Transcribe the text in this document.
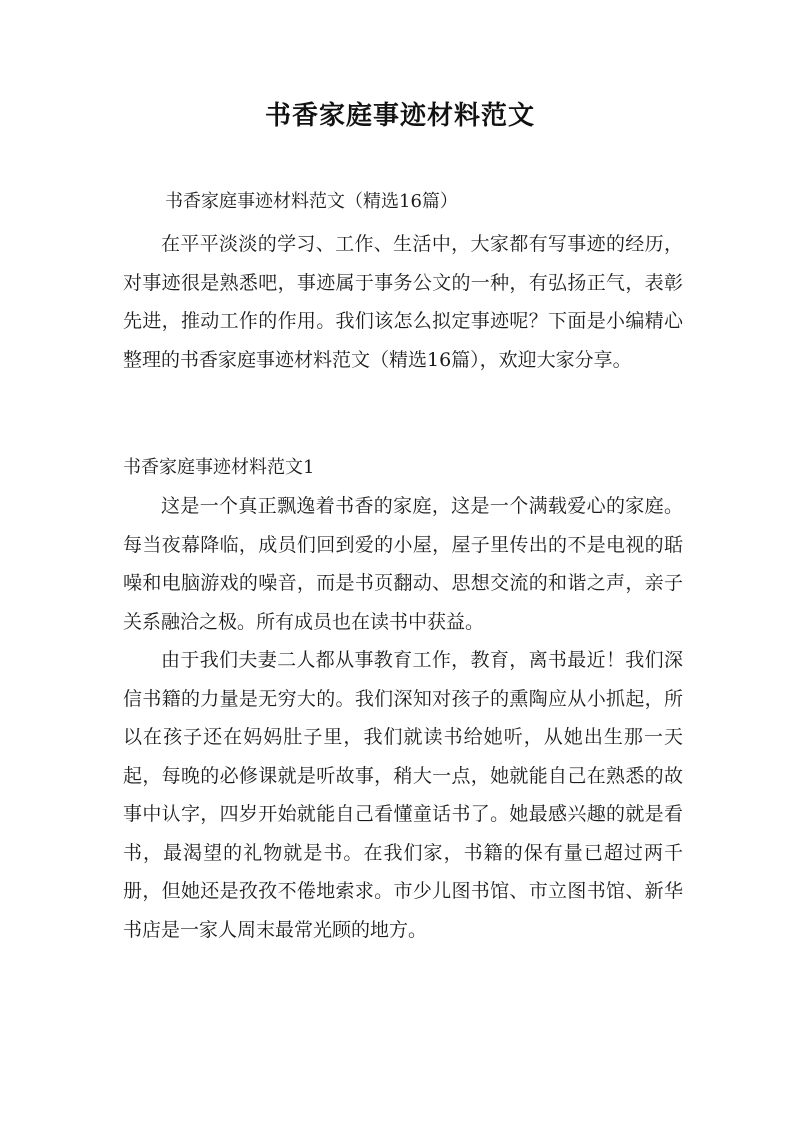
书香家庭事迹材料范文
书香家庭事迹材料范文（精选16篇）

在平平淡淡的学习、工作、生活中，大家都有写事迹的经历，对事迹很是熟悉吧，事迹属于事务公文的一种，有弘扬正气，表彰先进，推动工作的作用。我们该怎么拟定事迹呢？下面是小编精心整理的书香家庭事迹材料范文（精选16篇），欢迎大家分享。

书香家庭事迹材料范文1

这是一个真正飘逸着书香的家庭，这是一个满载爱心的家庭。每当夜幕降临，成员们回到爱的小屋，屋子里传出的不是电视的聒噪和电脑游戏的噪音，而是书页翻动、思想交流的和谐之声，亲子关系融洽之极。所有成员也在读书中获益。

由于我们夫妻二人都从事教育工作，教育，离书最近！我们深信书籍的力量是无穷大的。我们深知对孩子的熏陶应从小抓起，所以在孩子还在妈妈肚子里，我们就读书给她听，从她出生那一天起，每晚的必修课就是听故事，稍大一点，她就能自己在熟悉的故事中认字，四岁开始就能自己看懂童话书了。她最感兴趣的就是看书，最渴望的礼物就是书。在我们家，书籍的保有量已超过两千册，但她还是孜孜不倦地索求。市少儿图书馆、市立图书馆、新华书店是一家人周末最常光顾的地方。
